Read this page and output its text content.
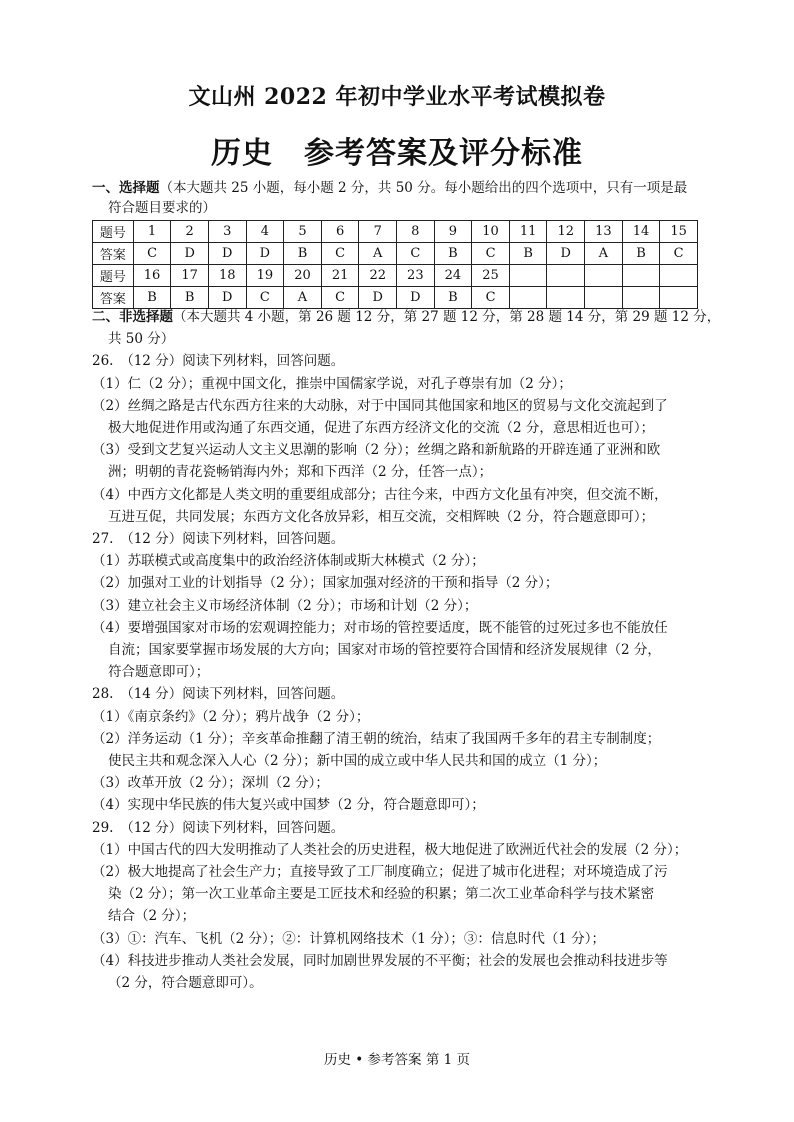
文山州 2022 年初中学业水平考试模拟卷
历史　参考答案及评分标准
一、选择题（本大题共 25 小题，每小题 2 分，共 50 分。每小题给出的四个选项中，只有一项是最
符合题目要求的）
题号	1	2	3	4	5	6	7	8	9	10	11	12	13	14	15
答案	C	D	D	D	B	C	A	C	B	C	B	D	A	B	C
题号	16	17	18	19	20	21	22	23	24	25					
答案	B	B	D	C	A	C	D	D	B	C					
二、非选择题（本大题共 4 小题，第 26 题 12 分，第 27 题 12 分，第 28 题 14 分，第 29 题 12 分，
共 50 分）
26.　（12 分）阅读下列材料，回答问题。
（1）仁（2 分）；重视中国文化，推崇中国儒家学说，对孔子尊崇有加（2 分）；
（2）丝绸之路是古代东西方往来的大动脉，对于中国同其他国家和地区的贸易与文化交流起到了
极大地促进作用或沟通了东西交通，促进了东西方经济文化的交流（2 分，意思相近也可）；
（3）受到文艺复兴运动人文主义思潮的影响（2 分）；丝绸之路和新航路的开辟连通了亚洲和欧
洲；明朝的青花瓷畅销海内外；郑和下西洋（2 分，任答一点）；
（4）中西方文化都是人类文明的重要组成部分；古往今来，中西方文化虽有冲突，但交流不断，
互进互促，共同发展；东西方文化各放异彩，相互交流，交相辉映（2 分，符合题意即可）；
27.　（12 分）阅读下列材料，回答问题。
（1）苏联模式或高度集中的政治经济体制或斯大林模式（2 分）；
（2）加强对工业的计划指导（2 分）；国家加强对经济的干预和指导（2 分）；
（3）建立社会主义市场经济体制（2 分）；市场和计划（2 分）；
（4）要增强国家对市场的宏观调控能力；对市场的管控要适度，既不能管的过死过多也不能放任
自流；国家要掌握市场发展的大方向；国家对市场的管控要符合国情和经济发展规律（2 分，
符合题意即可）；
28.　（14 分）阅读下列材料，回答问题。
（1）《南京条约》（2 分）；鸦片战争（2 分）；
（2）洋务运动（1 分）；辛亥革命推翻了清王朝的统治，结束了我国两千多年的君主专制制度；
使民主共和观念深入人心（2 分）；新中国的成立或中华人民共和国的成立（1 分）；
（3）改革开放（2 分）；深圳（2 分）；
（4）实现中华民族的伟大复兴或中国梦（2 分，符合题意即可）；
29.　（12 分）阅读下列材料，回答问题。
（1）中国古代的四大发明推动了人类社会的历史进程，极大地促进了欧洲近代社会的发展（2 分）；
（2）极大地提高了社会生产力；直接导致了工厂制度确立；促进了城市化进程；对环境造成了污
染（2 分）；第一次工业革命主要是工匠技术和经验的积累；第二次工业革命科学与技术紧密
结合（2 分）；
（3）①：汽车、飞机（2 分）；②：计算机网络技术（1 分）；③：信息时代（1 分）；
（4）科技进步推动人类社会发展，同时加剧世界发展的不平衡；社会的发展也会推动科技进步等
（2 分，符合题意即可）。
历史 • 参考答案 第 1 页
